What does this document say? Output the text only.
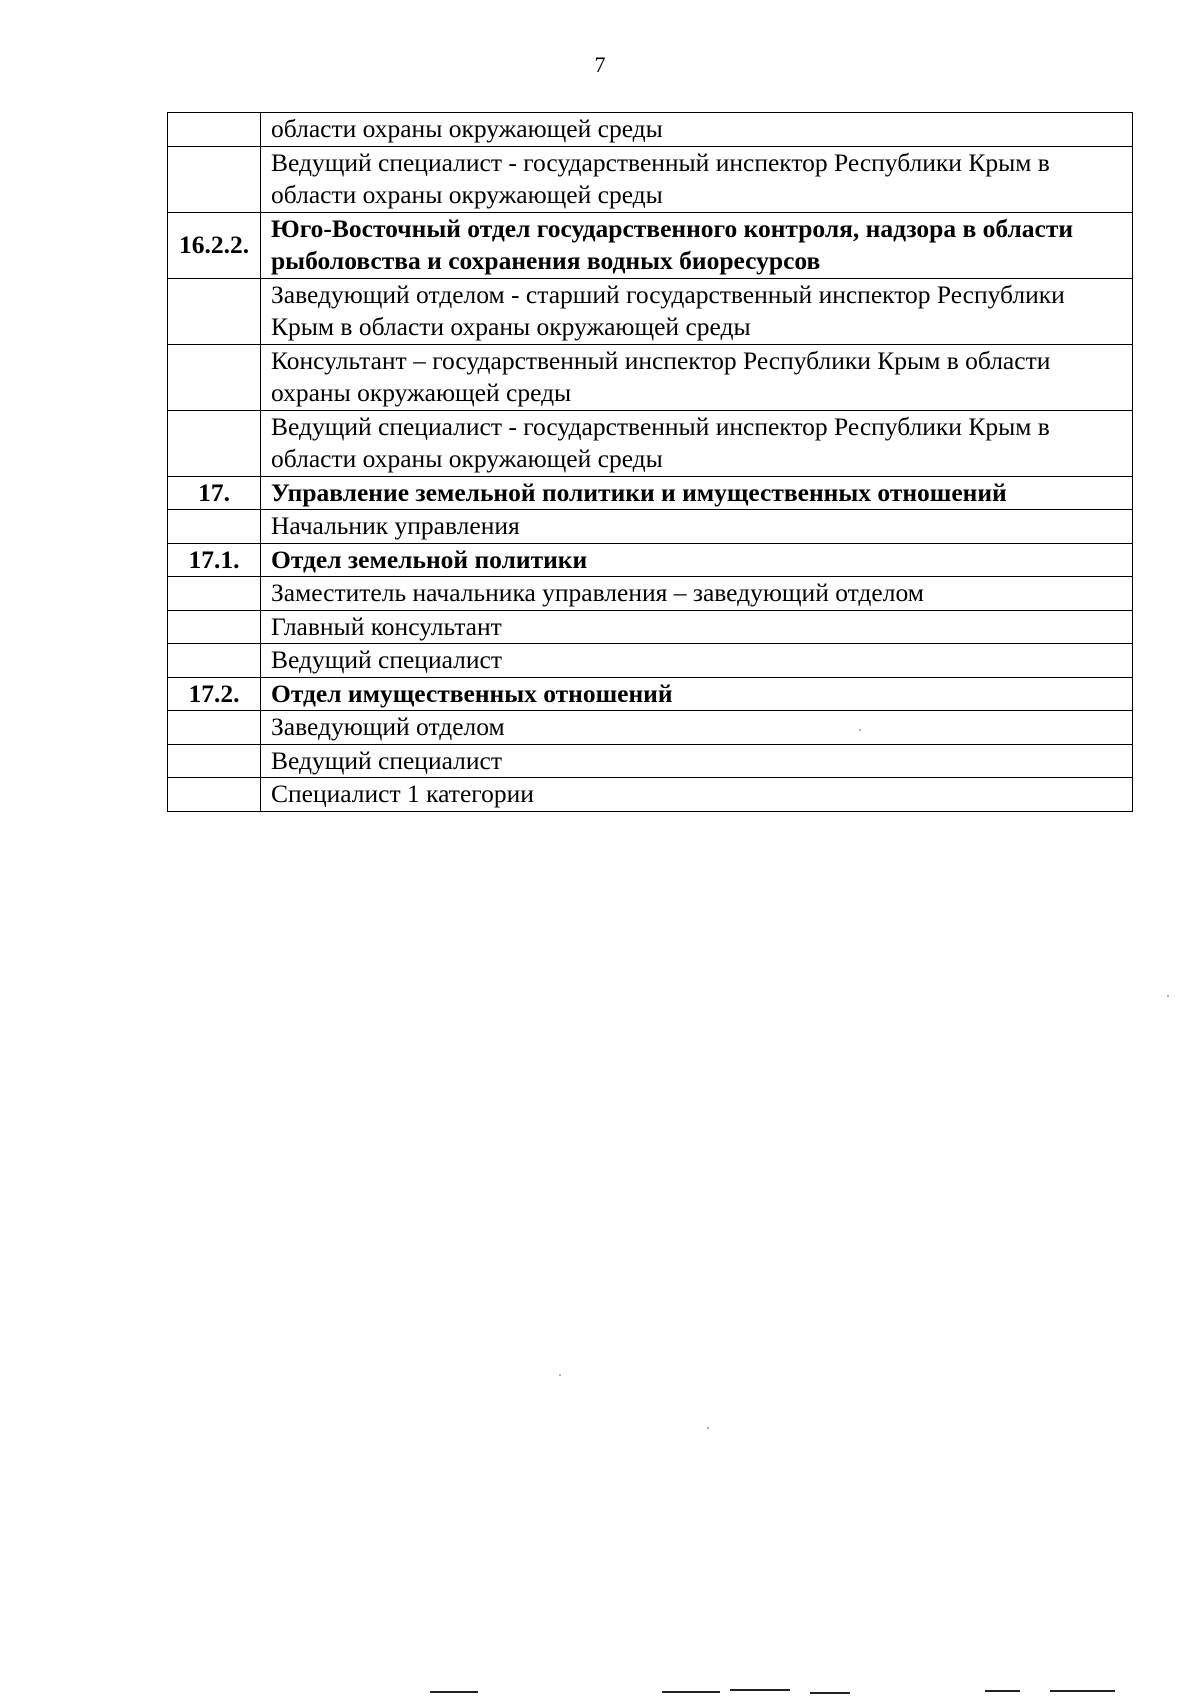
7
	области охраны окружающей среды
	Ведущий специалист - государственный инспектор Республики Крым в области охраны окружающей среды
16.2.2.	Юго-Восточный отдел государственного контроля, надзора в области рыболовства и сохранения водных биоресурсов
	Заведующий отделом - старший государственный инспектор Республики Крым в области охраны окружающей среды
	Консультант – государственный инспектор Республики Крым в области охраны окружающей среды
	Ведущий специалист - государственный инспектор Республики Крым в области охраны окружающей среды
17.	Управление земельной политики и имущественных отношений
	Начальник управления
17.1.	Отдел земельной политики
	Заместитель начальника управления – заведующий отделом
	Главный консультант
	Ведущий специалист
17.2.	Отдел имущественных отношений
	Заведующий отделом
	Ведущий специалист
	Специалист 1 категории
